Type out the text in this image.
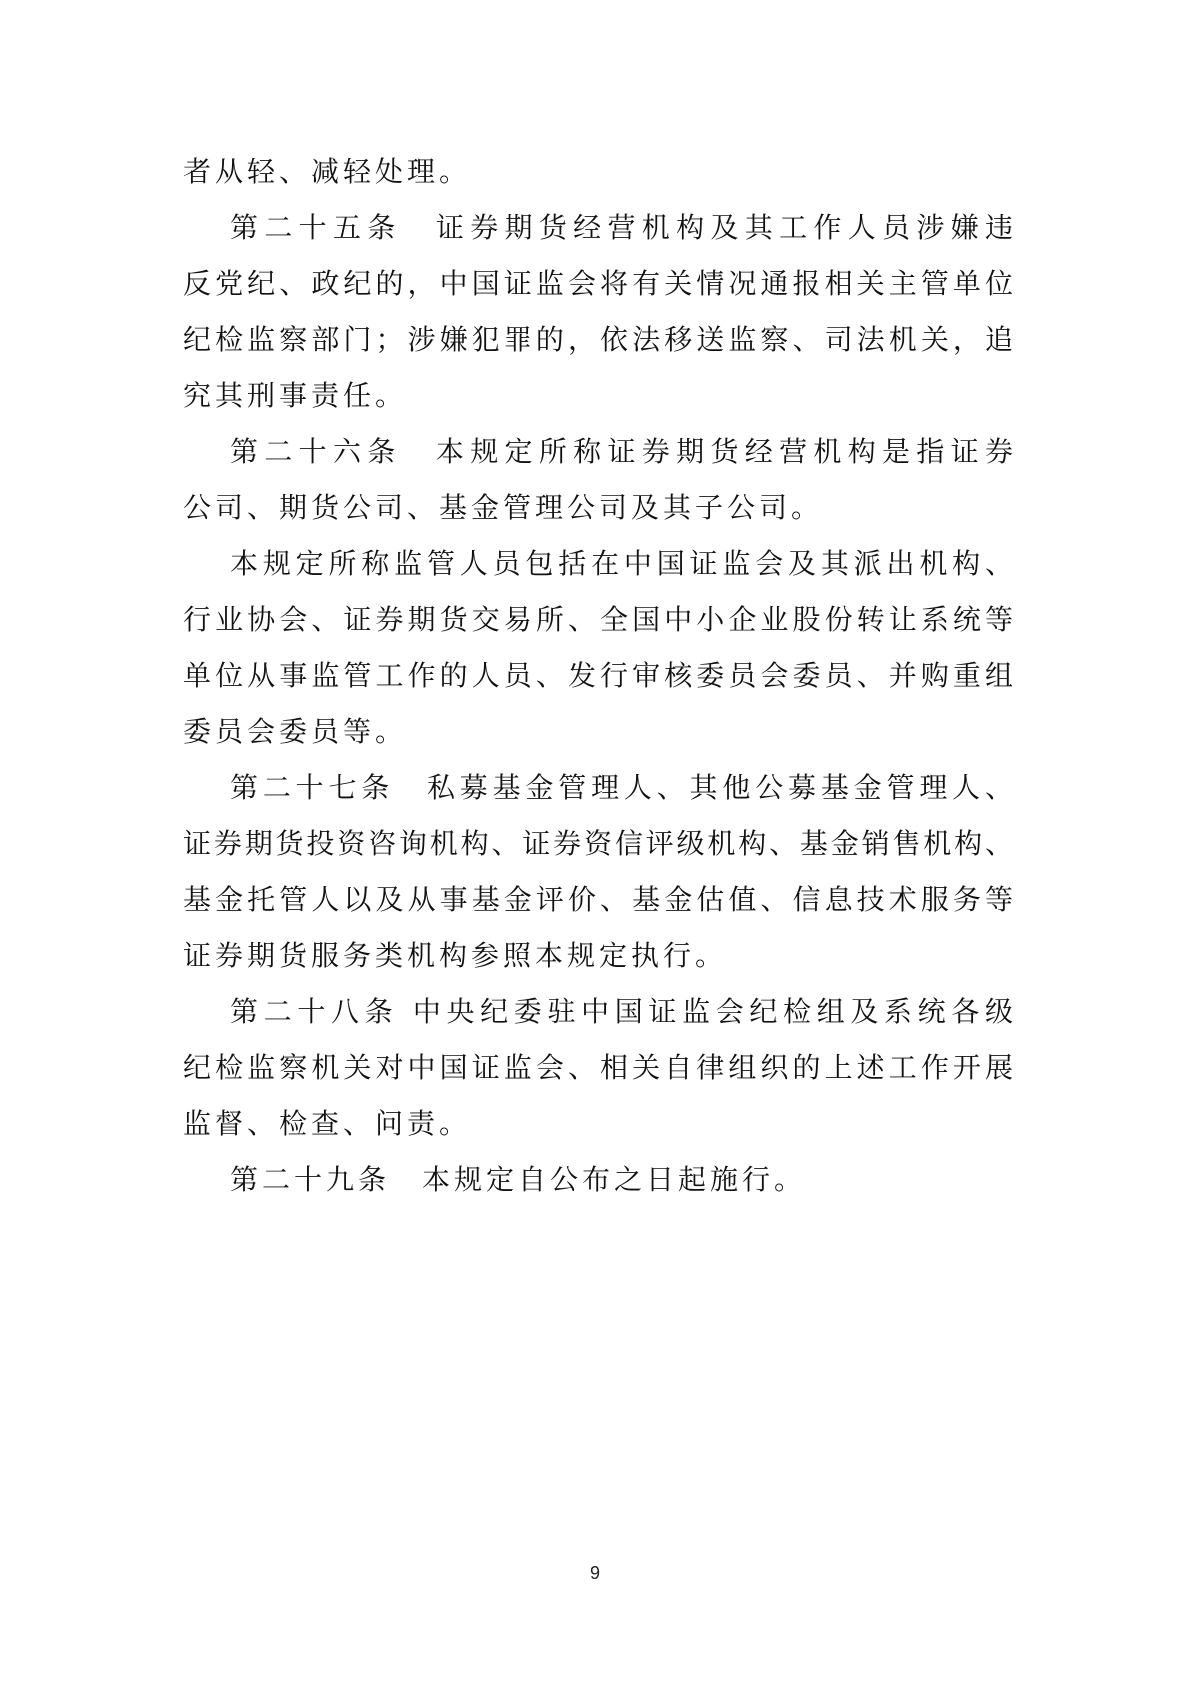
者从轻、减轻处理。
第二十五条　证券期货经营机构及其工作人员涉嫌违
反党纪、政纪的，中国证监会将有关情况通报相关主管单位
纪检监察部门；涉嫌犯罪的，依法移送监察、司法机关，追
究其刑事责任。
第二十六条　本规定所称证券期货经营机构是指证券
公司、期货公司、基金管理公司及其子公司。
本规定所称监管人员包括在中国证监会及其派出机构、
行业协会、证券期货交易所、全国中小企业股份转让系统等
单位从事监管工作的人员、发行审核委员会委员、并购重组
委员会委员等。
第二十七条　私募基金管理人、其他公募基金管理人、
证券期货投资咨询机构、证券资信评级机构、基金销售机构、
基金托管人以及从事基金评价、基金估值、信息技术服务等
证券期货服务类机构参照本规定执行。
第二十八条 中央纪委驻中国证监会纪检组及系统各级
纪检监察机关对中国证监会、相关自律组织的上述工作开展
监督、检查、问责。
第二十九条　本规定自公布之日起施行。
9
